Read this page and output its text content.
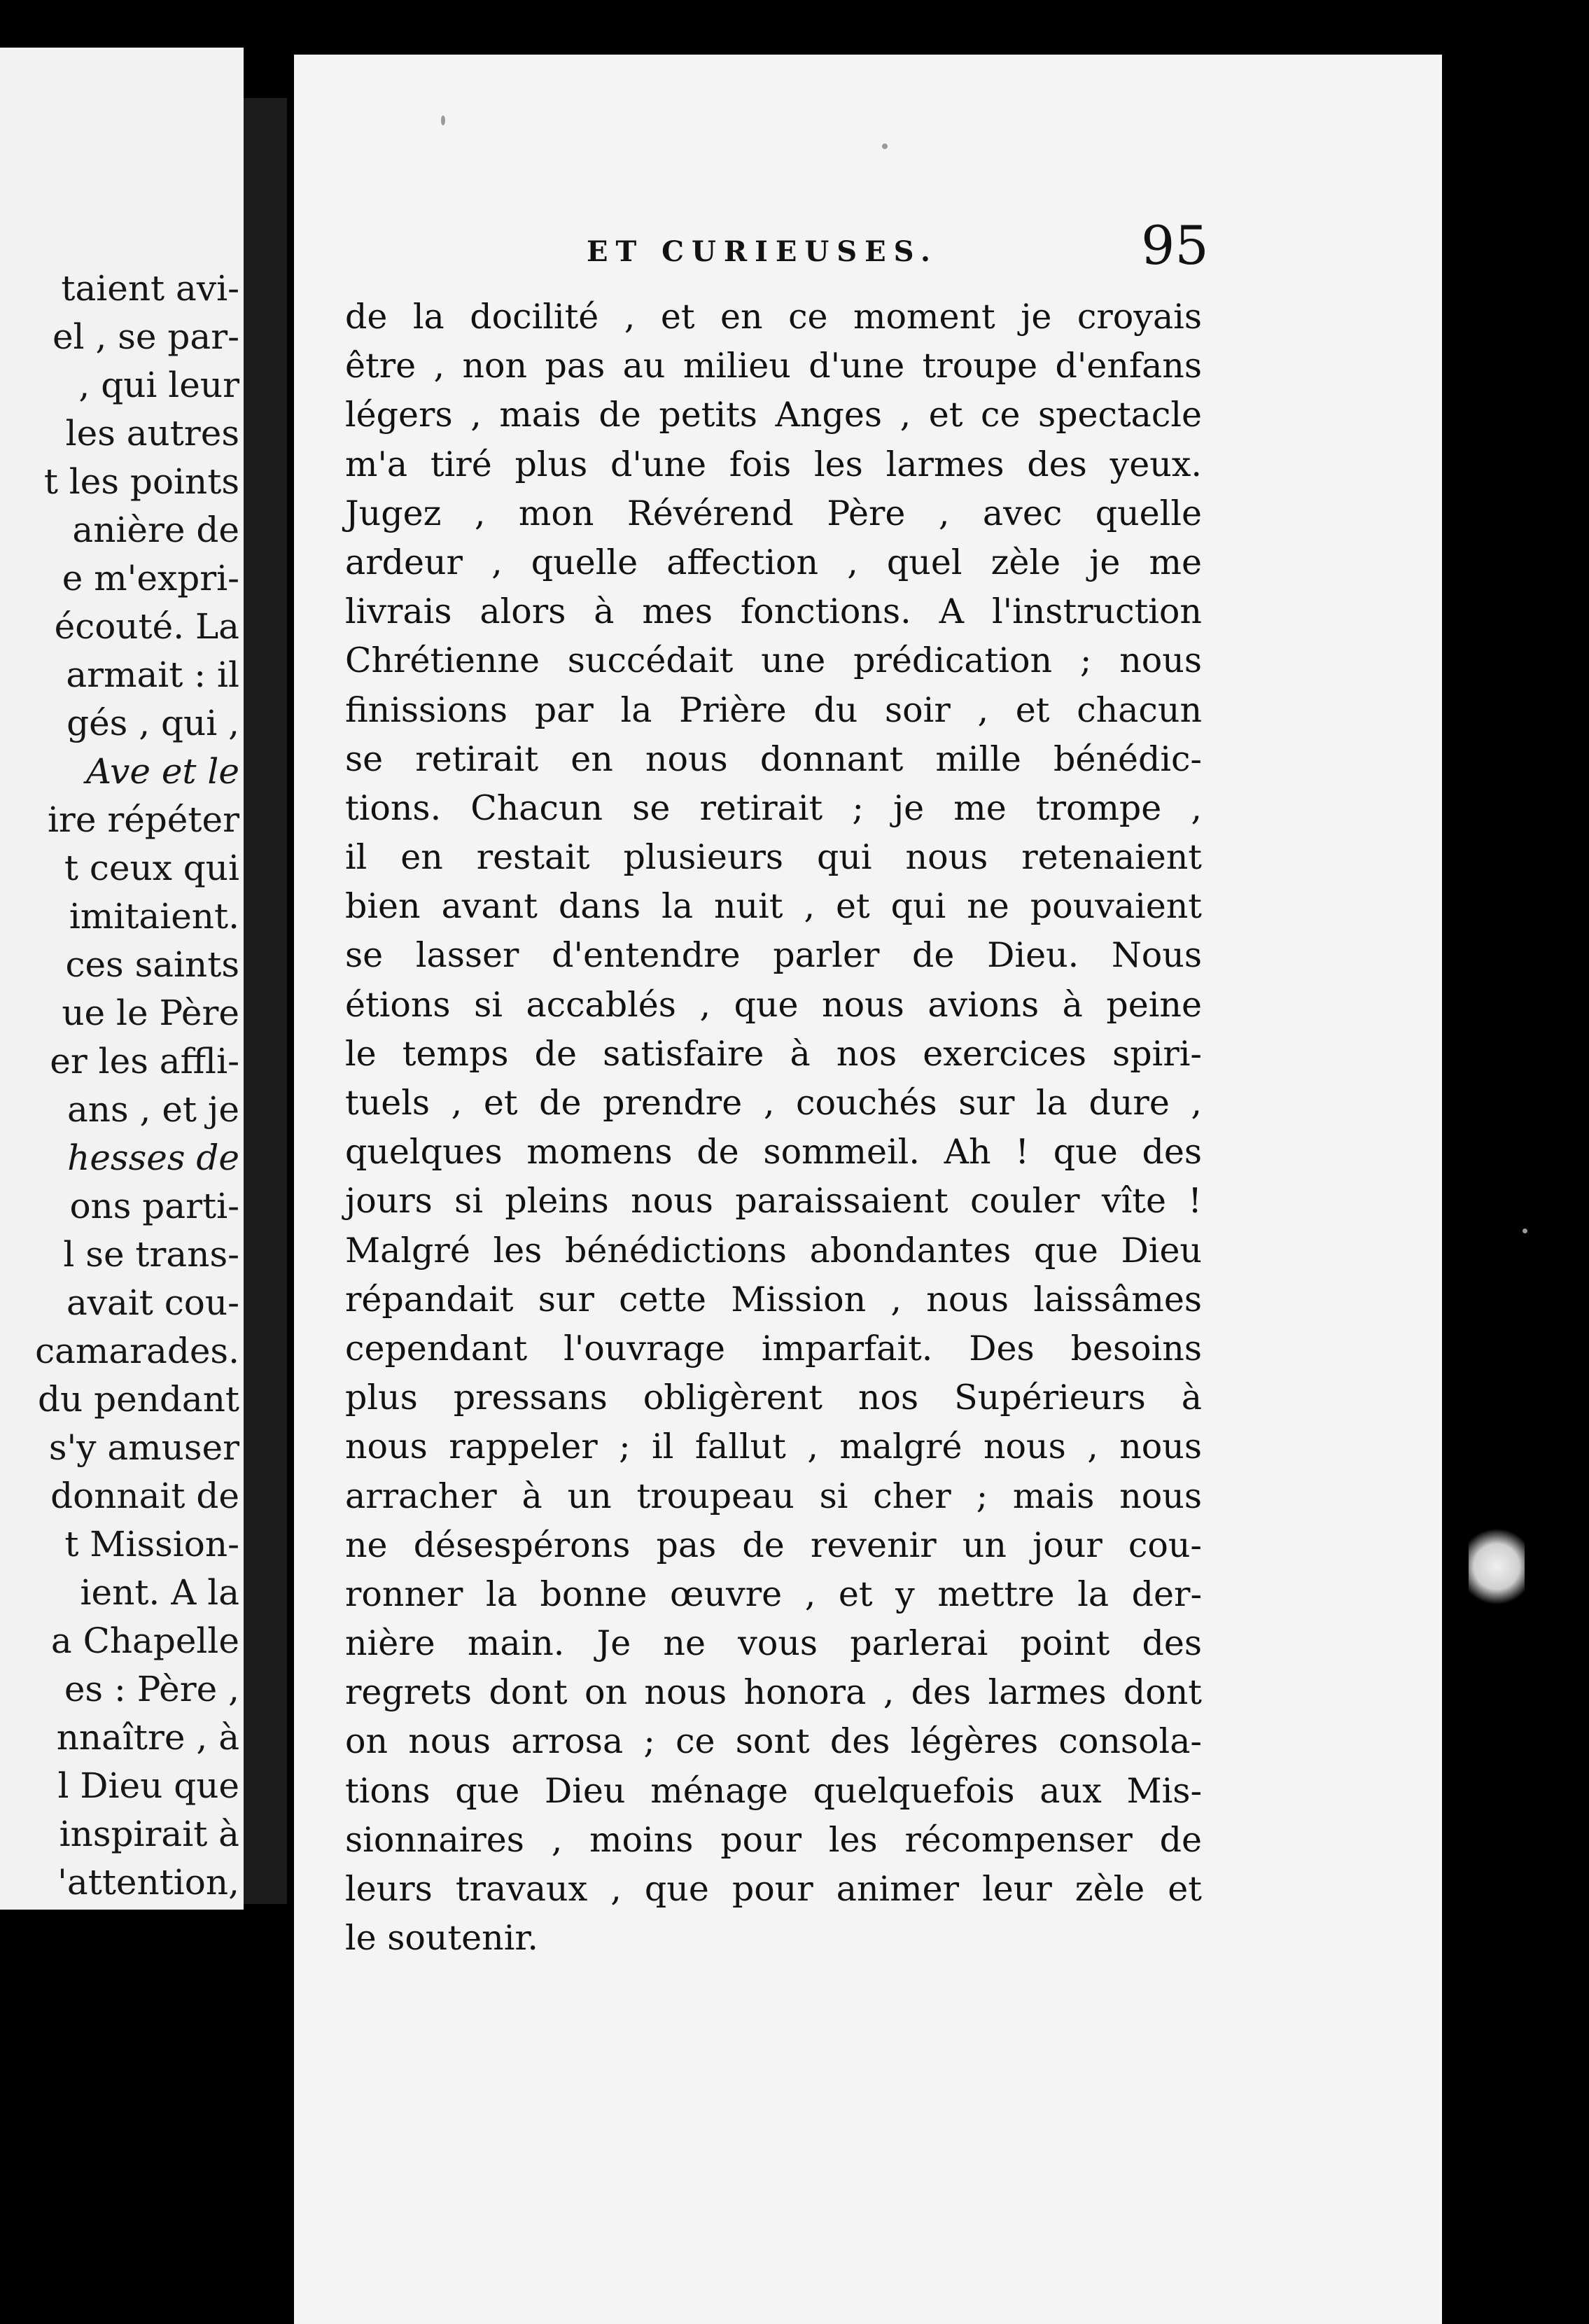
taient avi-
el , se par-
, qui leur
les autres
t les points
anière de
e m'expri-
écouté. La
armait : il
gés , qui ,
Ave et le
ire répéter
t ceux qui
imitaient.
ces saints
ue le Père
er les affli-
ans , et je
hesses de
ons parti-
l se trans-
avait cou-
camarades.
du pendant
s'y amuser
donnait de
t Mission-
ient. A la
a Chapelle
es : Père ,
nnaître , à
l Dieu que
inspirait à
'attention,
ET CURIEUSES.	95
de la docilité , et en ce moment je croyais
être , non pas au milieu d'une troupe d'enfans
légers , mais de petits Anges , et ce spectacle
m'a tiré plus d'une fois les larmes des yeux.
Jugez , mon Révérend Père , avec quelle
ardeur , quelle affection , quel zèle je me
livrais alors à mes fonctions. A l'instruction
Chrétienne succédait une prédication ; nous
finissions par la Prière du soir , et chacun
se retirait en nous donnant mille bénédic-
tions. Chacun se retirait ; je me trompe ,
il en restait plusieurs qui nous retenaient
bien avant dans la nuit , et qui ne pouvaient
se lasser d'entendre parler de Dieu. Nous
étions si accablés , que nous avions à peine
le temps de satisfaire à nos exercices spiri-
tuels , et de prendre , couchés sur la dure ,
quelques momens de sommeil. Ah ! que des
jours si pleins nous paraissaient couler vîte !
Malgré les bénédictions abondantes que Dieu
répandait sur cette Mission , nous laissâmes
cependant l'ouvrage imparfait. Des besoins
plus pressans obligèrent nos Supérieurs à
nous rappeler ; il fallut , malgré nous , nous
arracher à un troupeau si cher ; mais nous
ne désespérons pas de revenir un jour cou-
ronner la bonne œuvre , et y mettre la der-
nière main. Je ne vous parlerai point des
regrets dont on nous honora , des larmes dont
on nous arrosa ; ce sont des légères consola-
tions que Dieu ménage quelquefois aux Mis-
sionnaires , moins pour les récompenser de
leurs travaux , que pour animer leur zèle et
le soutenir.
